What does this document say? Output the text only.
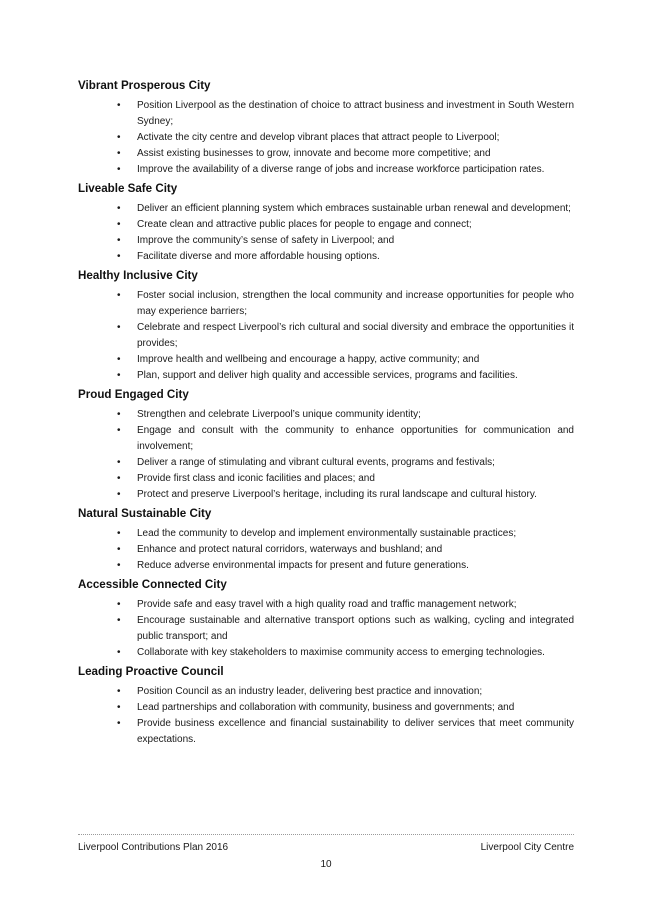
Vibrant Prosperous City
• Position Liverpool as the destination of choice to attract business and investment in South Western Sydney;
• Activate the city centre and develop vibrant places that attract people to Liverpool;
• Assist existing businesses to grow, innovate and become more competitive; and
• Improve the availability of a diverse range of jobs and increase workforce participation rates.
Liveable Safe City
• Deliver an efficient planning system which embraces sustainable urban renewal and development;
• Create clean and attractive public places for people to engage and connect;
• Improve the community’s sense of safety in Liverpool; and
• Facilitate diverse and more affordable housing options.
Healthy Inclusive City
• Foster social inclusion, strengthen the local community and increase opportunities for people who may experience barriers;
• Celebrate and respect Liverpool’s rich cultural and social diversity and embrace the opportunities it provides;
• Improve health and wellbeing and encourage a happy, active community; and
• Plan, support and deliver high quality and accessible services, programs and facilities.
Proud Engaged City
• Strengthen and celebrate Liverpool’s unique community identity;
• Engage and consult with the community to enhance opportunities for communication and involvement;
• Deliver a range of stimulating and vibrant cultural events, programs and festivals;
• Provide first class and iconic facilities and places; and
• Protect and preserve Liverpool’s heritage, including its rural landscape and cultural history.
Natural Sustainable City
• Lead the community to develop and implement environmentally sustainable practices;
• Enhance and protect natural corridors, waterways and bushland; and
• Reduce adverse environmental impacts for present and future generations.
Accessible Connected City
• Provide safe and easy travel with a high quality road and traffic management network;
• Encourage sustainable and alternative transport options such as walking, cycling and integrated public transport; and
• Collaborate with key stakeholders to maximise community access to emerging technologies.
Leading Proactive Council
• Position Council as an industry leader, delivering best practice and innovation;
• Lead partnerships and collaboration with community, business and governments; and
• Provide business excellence and financial sustainability to deliver services that meet community expectations.
Liverpool Contributions Plan 2016	Liverpool City Centre
10
